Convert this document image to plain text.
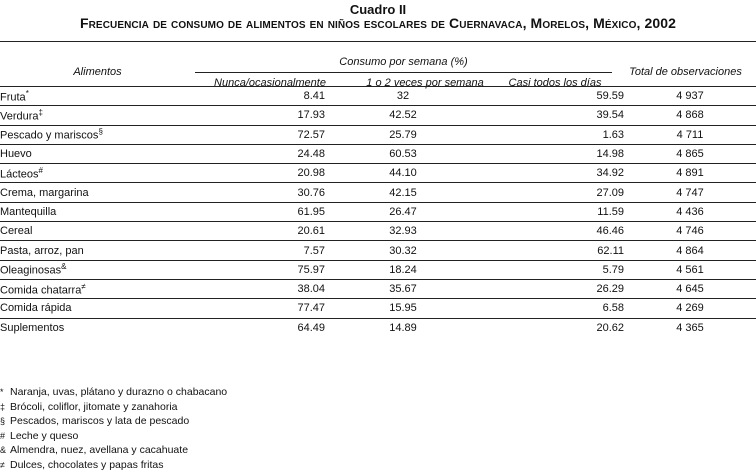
Cuadro II
Frecuencia de consumo de alimentos en niños escolares de Cuernavaca, Morelos, México, 2002
Alimentos
Consumo por semana (%)
Nunca/ocasionalmente	1 o 2 veces por semana	Casi todos los días
Total de observaciones
Fruta*	8.41	32	59.59	4 937
Verdura‡	17.93	42.52	39.54	4 868
Pescado y mariscos§	72.57	25.79	1.63	4 711
Huevo	24.48	60.53	14.98	4 865
Lácteos#	20.98	44.10	34.92	4 891
Crema, margarina	30.76	42.15	27.09	4 747
Mantequilla	61.95	26.47	11.59	4 436
Cereal	20.61	32.93	46.46	4 746
Pasta, arroz, pan	7.57	30.32	62.11	4 864
Oleaginosas&	75.97	18.24	5.79	4 561
Comida chatarra≠	38.04	35.67	26.29	4 645
Comida rápida	77.47	15.95	6.58	4 269
Suplementos	64.49	14.89	20.62	4 365
* Naranja, uvas, plátano y durazno o chabacano
‡ Brócoli, coliflor, jitomate y zanahoria
§ Pescados, mariscos y lata de pescado
# Leche y queso
& Almendra, nuez, avellana y cacahuate
≠ Dulces, chocolates y papas fritas
